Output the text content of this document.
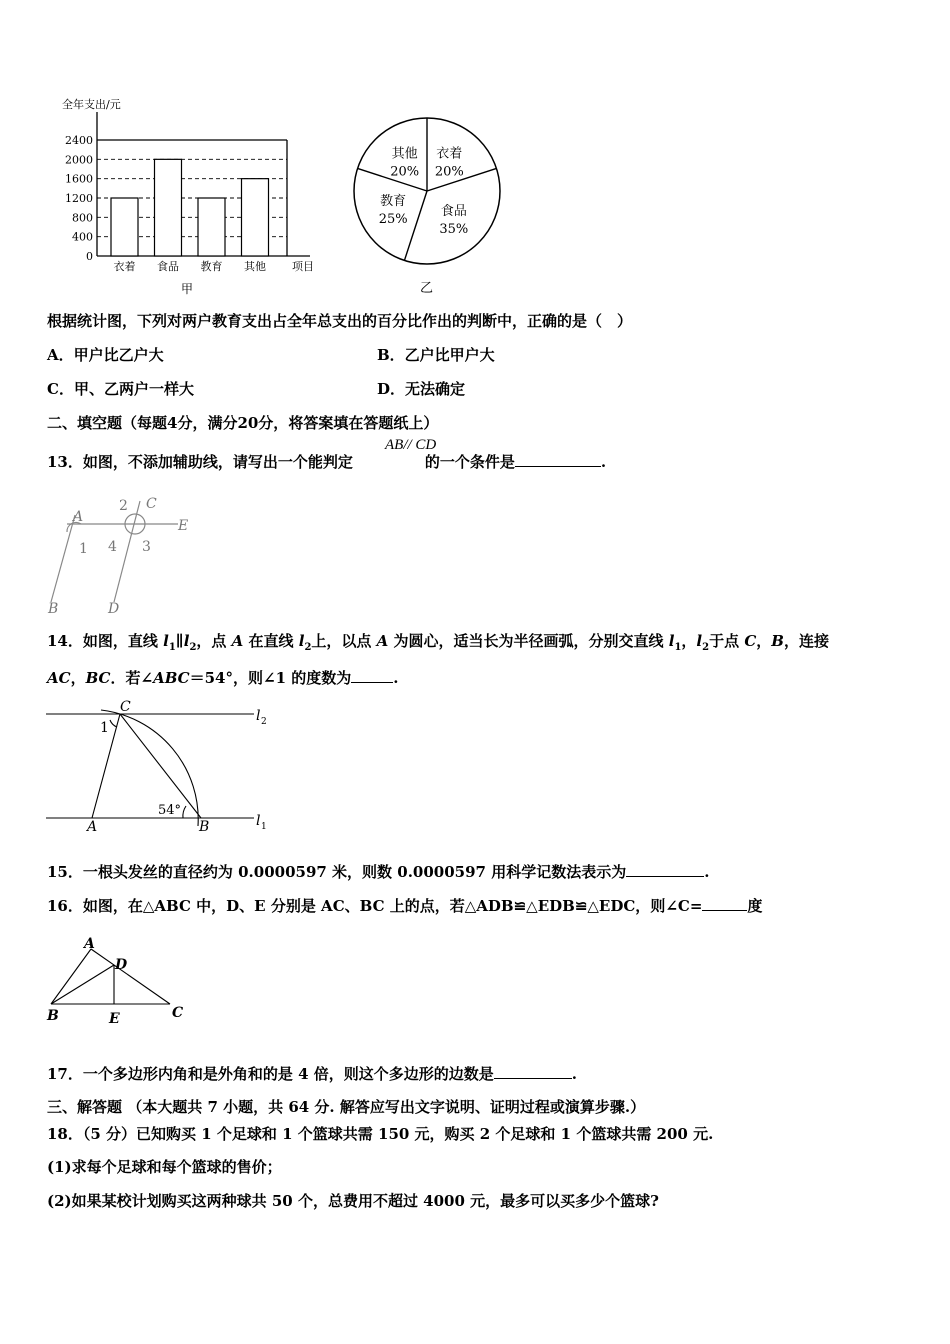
全年支出/元
0
400
800
1200
1600
2000
2400
衣着 食品 教育 其他 项目
甲
衣着
20%
食品
35%
教育
25%
其他
20%
乙
根据统计图，下列对两户教育支出占全年总支出的百分比作出的判断中，正确的是（　）
A．甲户比乙户大	B．乙户比甲户大
C．甲、乙两户一样大	D．无法确定
二、填空题（每题4分，满分20分，将答案填在答题纸上）
13．如图，不添加辅助线，请写出一个能判定	的一个条件是	.
AB// CD
A
2 C
E
1 4 3
B	D
14．如图，直线 $l_1\parallel l_2$，点 A 在直线 $l_2$上，以点 A 为圆心，适当长为半径画弧，分别交直线 $l_1$，$l_2$于点 C，B，连接
AC，BC．若∠ABC＝54°，则∠1 的度数为	.
C
1
l 2
54°
A	B	l 1
15．一根头发丝的直径约为 0.0000597 米，则数 0.0000597 用科学记数法表示为	.
16．如图，在△ABC 中，D、E 分别是 AC、BC 上的点，若△ADB≌△EDB≌△EDC，则∠C=	度
A
D
B	E	C
17．一个多边形内角和是外角和的是 4 倍，则这个多边形的边数是	.
三、解答题 （本大题共 7 小题，共 64 分. 解答应写出文字说明、证明过程或演算步骤.）
18．（5 分）已知购买 1 个足球和 1 个篮球共需 150 元，购买 2 个足球和 1 个篮球共需 200 元.
(1)求每个足球和每个篮球的售价；
(2)如果某校计划购买这两种球共 50 个，总费用不超过 4000 元，最多可以买多少个篮球?
